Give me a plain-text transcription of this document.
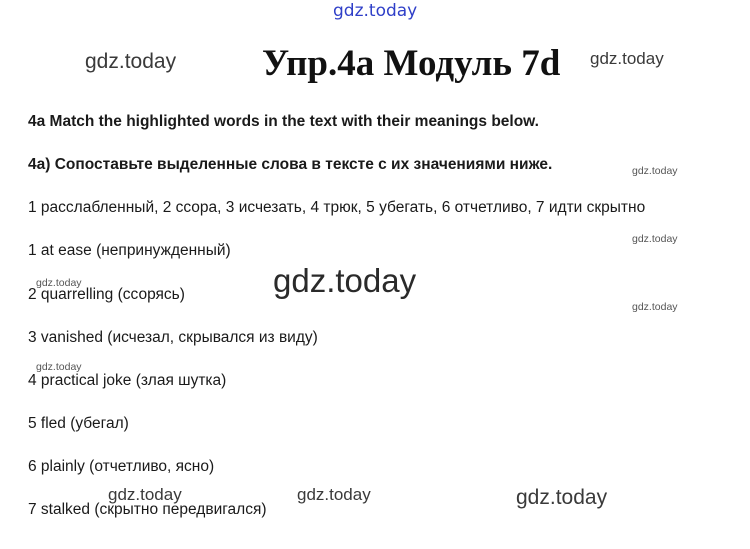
gdz.today
gdz.today	gdz.today
gdz.today
gdz.today
gdz.today
gdz.today
gdz.today
gdz.today
gdz.today	gdz.today	gdz.today
Упр.4а Модуль 7d
4a Match the highlighted words in the text with their meanings below.
4а) Сопоставьте выделенные слова в тексте с их значениями ниже.
1 расслабленный, 2 ссора, 3 исчезать, 4 трюк, 5 убегать, 6 отчетливо, 7 идти скрытно
1 at ease (непринужденный)
2 quarrelling (ссорясь)
3 vanished (исчезал, скрывался из виду)
4 practical joke (злая шутка)
5 fled (убегал)
6 plainly (отчетливо, ясно)
7 stalked (скрытно передвигался)
